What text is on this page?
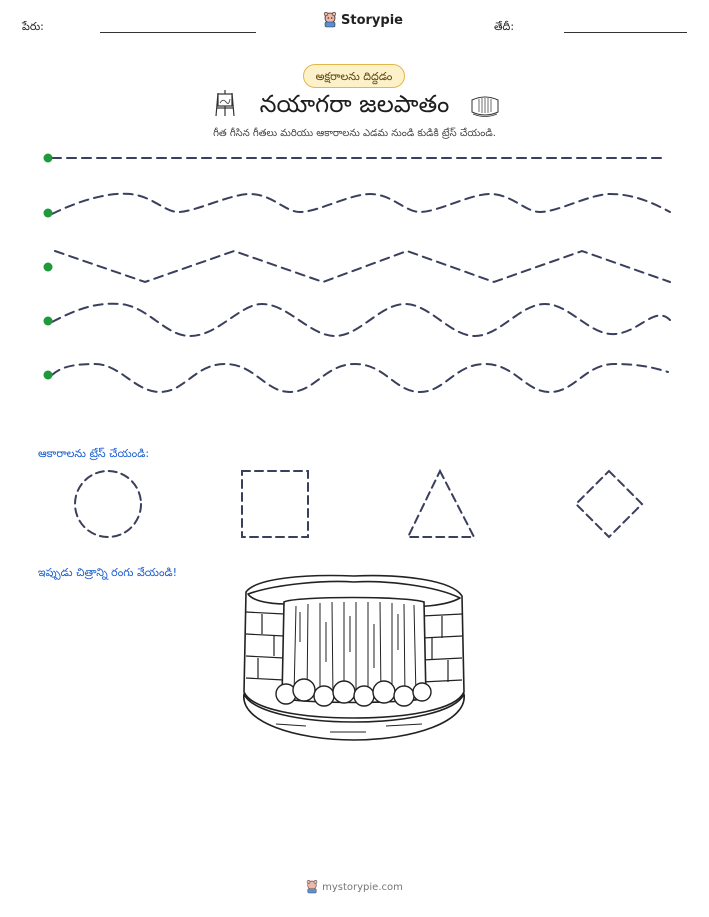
పేరు:	Storypie	తేదీ:
అక్షరాలను దిద్దడం
నయాగరా జలపాతం
గీత గీసిన గీతలు మరియు ఆకారాలను ఎడమ నుండి కుడికి ట్రేస్ చేయండి.
ఆకారాలను ట్రేస్ చేయండి:
ఇప్పుడు చిత్రాన్ని రంగు వేయండి!
mystorypie.com
